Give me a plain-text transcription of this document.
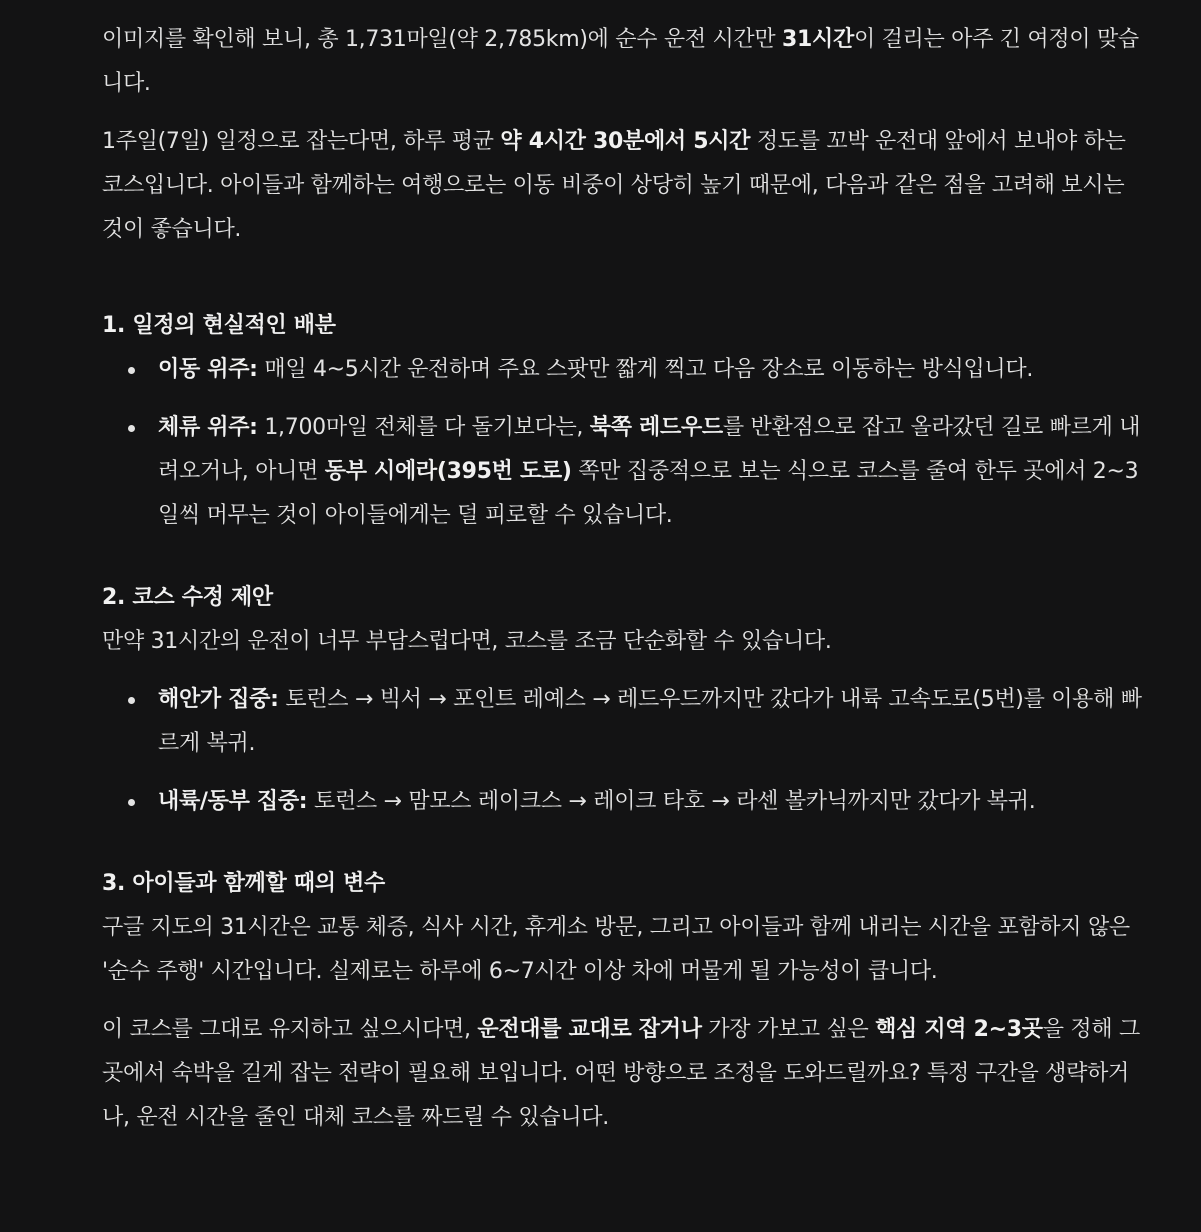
이미지를 확인해 보니, 총 1,731마일(약 2,785km)에 순수 운전 시간만 31시간이 걸리는 아주 긴 여정이 맞습니다.

1주일(7일) 일정으로 잡는다면, 하루 평균 약 4시간 30분에서 5시간 정도를 꼬박 운전대 앞에서 보내야 하는 코스입니다. 아이들과 함께하는 여행으로는 이동 비중이 상당히 높기 때문에, 다음과 같은 점을 고려해 보시는 것이 좋습니다.

1. 일정의 현실적인 배분
이동 위주: 매일 4~5시간 운전하며 주요 스팟만 짧게 찍고 다음 장소로 이동하는 방식입니다.
체류 위주: 1,700마일 전체를 다 돌기보다는, 북쪽 레드우드를 반환점으로 잡고 올라갔던 길로 빠르게 내려오거나, 아니면 동부 시에라(395번 도로) 쪽만 집중적으로 보는 식으로 코스를 줄여 한두 곳에서 2~3일씩 머무는 것이 아이들에게는 덜 피로할 수 있습니다.
2. 코스 수정 제안

만약 31시간의 운전이 너무 부담스럽다면, 코스를 조금 단순화할 수 있습니다.

해안가 집중: 토런스 → 빅서 → 포인트 레예스 → 레드우드까지만 갔다가 내륙 고속도로(5번)를 이용해 빠르게 복귀.
내륙/동부 집중: 토런스 → 맘모스 레이크스 → 레이크 타호 → 라센 볼카닉까지만 갔다가 복귀.
3. 아이들과 함께할 때의 변수

구글 지도의 31시간은 교통 체증, 식사 시간, 휴게소 방문, 그리고 아이들과 함께 내리는 시간을 포함하지 않은 '순수 주행' 시간입니다. 실제로는 하루에 6~7시간 이상 차에 머물게 될 가능성이 큽니다.

이 코스를 그대로 유지하고 싶으시다면, 운전대를 교대로 잡거나 가장 가보고 싶은 핵심 지역 2~3곳을 정해 그곳에서 숙박을 길게 잡는 전략이 필요해 보입니다. 어떤 방향으로 조정을 도와드릴까요? 특정 구간을 생략하거나, 운전 시간을 줄인 대체 코스를 짜드릴 수 있습니다.
